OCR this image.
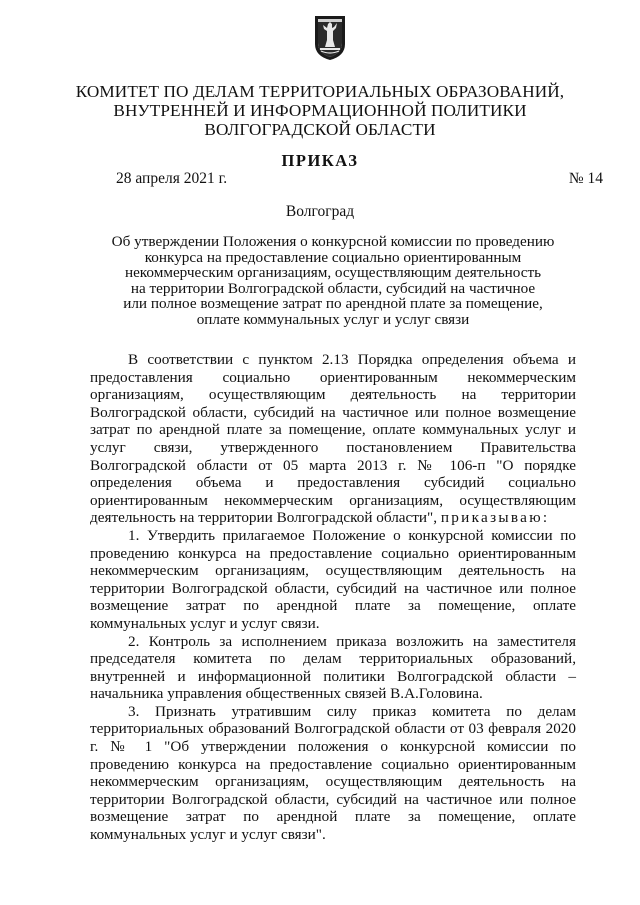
КОМИТЕТ ПО ДЕЛАМ ТЕРРИТОРИАЛЬНЫХ ОБРАЗОВАНИЙ,
ВНУТРЕННЕЙ И ИНФОРМАЦИОННОЙ ПОЛИТИКИ
ВОЛГОГРАДСКОЙ ОБЛАСТИ
ПРИКАЗ
28 апреля 2021 г.	№ 14
Волгоград
Об утверждении Положения о конкурсной комиссии по проведению
конкурса на предоставление социально ориентированным
некоммерческим организациям, осуществляющим деятельность
на территории Волгоградской области, субсидий на частичное
или полное возмещение затрат по арендной плате за помещение,
оплате коммунальных услуг и услуг связи

В соответствии с пунктом 2.13 Порядка определения объема и предоставления социально ориентированным некоммерческим организациям, осуществляющим деятельность на территории Волгоградской области, субсидий на частичное или полное возмещение затрат по арендной плате за помещение, оплате коммунальных услуг и услуг связи, утвержденного постановлением Правительства Волгоградской области от 05 марта 2013 г. № 106-п "О порядке определения объема и предоставления субсидий социально ориентированным некоммерческим организациям, осуществляющим деятельность на территории Волгоградской области", приказываю:

1. Утвердить прилагаемое Положение о конкурсной комиссии по проведению конкурса на предоставление социально ориентированным некоммерческим организациям, осуществляющим деятельность на территории Волгоградской области, субсидий на частичное или полное возмещение затрат по арендной плате за помещение, оплате коммунальных услуг и услуг связи.

2. Контроль за исполнением приказа возложить на заместителя председателя комитета по делам территориальных образований, внутренней и информационной политики Волгоградской области – начальника управления общественных связей В.А.Головина.

3. Признать утратившим силу приказ комитета по делам территориальных образований Волгоградской области от 03 февраля 2020 г. № 1 "Об утверждении положения о конкурсной комиссии по проведению конкурса на предоставление социально ориентированным некоммерческим организациям, осуществляющим деятельность на территории Волгоградской области, субсидий на частичное или полное возмещение затрат по арендной плате за помещение, оплате коммунальных услуг и услуг связи".
